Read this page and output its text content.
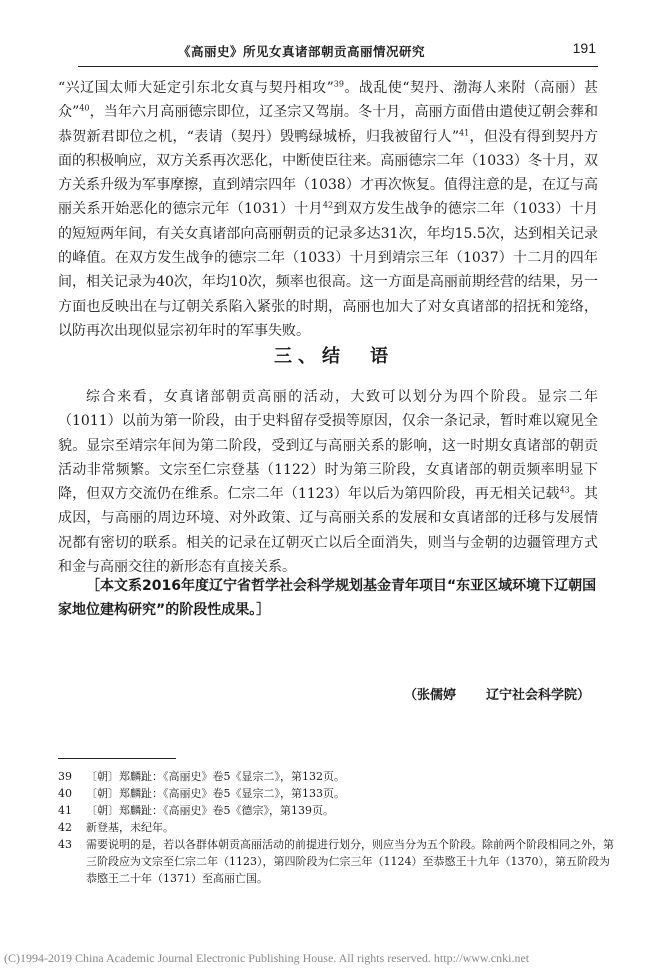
《高丽史》所见女真诸部朝贡高丽情况研究	191

“兴辽国太师大延定引东北女真与契丹相攻”$^{39}$。战乱使“契丹、渤海人来附（高丽）甚众”$^{40}$，当年六月高丽德宗即位，辽圣宗又驾崩。冬十月，高丽方面借由遣使辽朝会葬和恭贺新君即位之机，“表请（契丹）毁鸭绿城桥，归我被留行人”$^{41}$，但没有得到契丹方面的积极响应，双方关系再次恶化，中断使臣往来。高丽德宗二年（1033）冬十月，双方关系升级为军事摩擦，直到靖宗四年（1038）才再次恢复。值得注意的是，在辽与高丽关系开始恶化的德宗元年（1031）十月$^{42}$到双方发生战争的德宗二年（1033）十月的短短两年间，有关女真诸部向高丽朝贡的记录多达31次，年均15.5次，达到相关记录的峰值。在双方发生战争的德宗二年（1033）十月到靖宗三年（1037）十二月的四年间，相关记录为40次，年均10次，频率也很高。这一方面是高丽前期经营的结果，另一方面也反映出在与辽朝关系陷入紧张的时期，高丽也加大了对女真诸部的招抚和笼络，以防再次出现似显宗初年时的军事失败。

三、结　语

综合来看，女真诸部朝贡高丽的活动，大致可以划分为四个阶段。显宗二年（1011）以前为第一阶段，由于史料留存受损等原因，仅余一条记录，暂时难以窥见全貌。显宗至靖宗年间为第二阶段，受到辽与高丽关系的影响，这一时期女真诸部的朝贡活动非常频繁。文宗至仁宗登基（1122）时为第三阶段，女真诸部的朝贡频率明显下降，但双方交流仍在维系。仁宗二年（1123）年以后为第四阶段，再无相关记载$^{43}$。其成因，与高丽的周边环境、对外政策、辽与高丽关系的发展和女真诸部的迁移与发展情况都有密切的联系。相关的记录在辽朝灭亡以后全面消失，则当与金朝的边疆管理方式和金与高丽交往的新形态有直接关系。

［本文系2016年度辽宁省哲学社会科学规划基金青年项目“东亚区域环境下辽朝国家地位建构研究”的阶段性成果。］
（张儒婷 辽宁社会科学院）
39	〔朝〕郑麟趾：《高丽史》卷5《显宗二》，第132页。
40	〔朝〕郑麟趾：《高丽史》卷5《显宗二》，第133页。
41	〔朝〕郑麟趾：《高丽史》卷5《德宗》，第139页。
42	新登基，未纪年。
43	需要说明的是，若以各群体朝贡高丽活动的前提进行划分，则应当分为五个阶段。除前两个阶段相同之外，第三阶段应为文宗至仁宗二年（1123），第四阶段为仁宗三年（1124）至恭愍王十九年（1370），第五阶段为恭愍王二十年（1371）至高丽亡国。
(C)1994-2019 China Academic Journal Electronic Publishing House. All rights reserved. http://www.cnki.net
